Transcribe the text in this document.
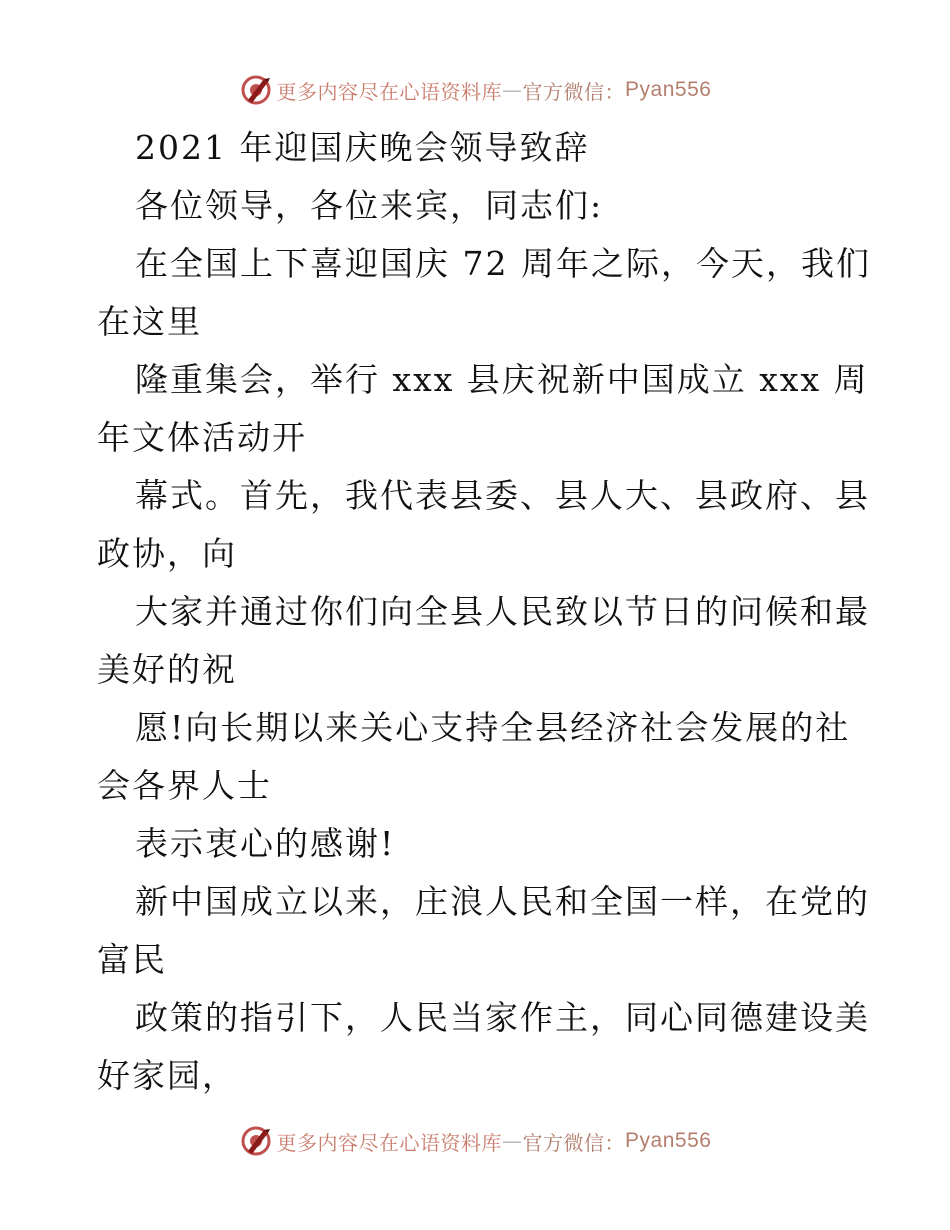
更多内容尽在心语资料库 — 官方微信： Pyan556
2021 年迎国庆晚会领导致辞
各位领导，各位来宾，同志们:
在全国上下喜迎国庆 72 周年之际，今天，我们
在这里
隆重集会，举行 xxx 县庆祝新中国成立 xxx 周
年文体活动开
幕式。首先，我代表县委、县人大、县政府、县
政协，向
大家并通过你们向全县人民致以节日的问候和最
美好的祝
愿!向长期以来关心支持全县经济社会发展的社
会各界人士
表示衷心的感谢!
新中国成立以来，庄浪人民和全国一样，在党的
富民
政策的指引下，人民当家作主，同心同德建设美
好家园，
更多内容尽在心语资料库 — 官方微信： Pyan556
